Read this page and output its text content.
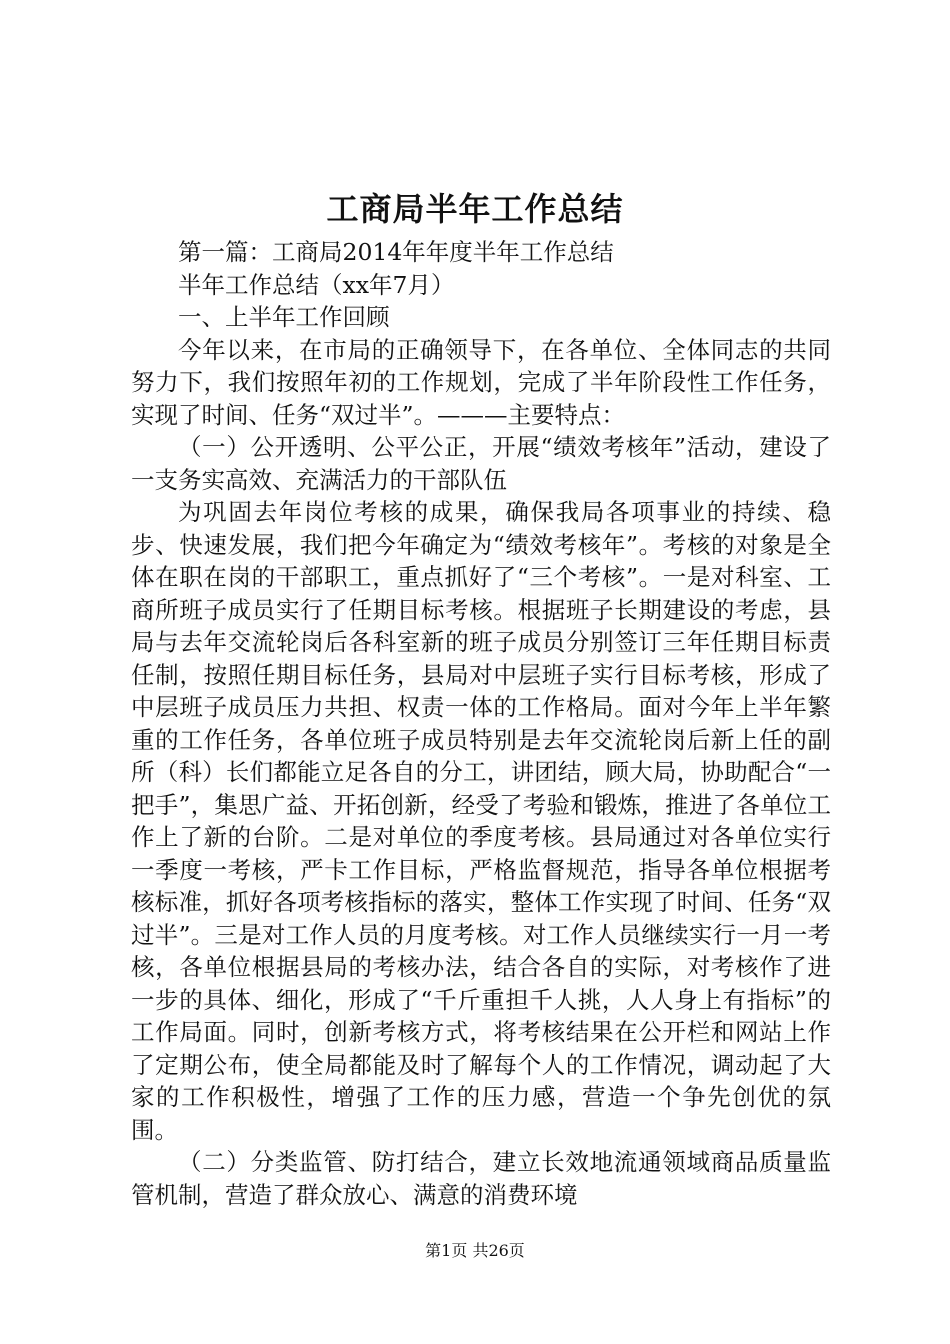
工商局半年工作总结

第一篇：工商局2014年年度半年工作总结

半年工作总结（xx年7月）

一、上半年工作回顾

今年以来，在市局的正确领导下，在各单位、全体同志的共同努力下，我们按照年初的工作规划，完成了半年阶段性工作任务，实现了时间、任务“双过半”。———主要特点：

（一）公开透明、公平公正，开展“绩效考核年”活动，建设了一支务实高效、充满活力的干部队伍

为巩固去年岗位考核的成果，确保我局各项事业的持续、稳步、快速发展，我们把今年确定为“绩效考核年”。考核的对象是全体在职在岗的干部职工，重点抓好了“三个考核”。一是对科室、工商所班子成员实行了任期目标考核。根据班子长期建设的考虑，县局与去年交流轮岗后各科室新的班子成员分别签订三年任期目标责任制，按照任期目标任务，县局对中层班子实行目标考核，形成了中层班子成员压力共担、权责一体的工作格局。面对今年上半年繁重的工作任务，各单位班子成员特别是去年交流轮岗后新上任的副所（科）长们都能立足各自的分工，讲团结，顾大局，协助配合“一把手”，集思广益、开拓创新，经受了考验和锻炼，推进了各单位工作上了新的台阶。二是对单位的季度考核。县局通过对各单位实行一季度一考核，严卡工作目标，严格监督规范，指导各单位根据考核标准，抓好各项考核指标的落实，整体工作实现了时间、任务“双过半”。三是对工作人员的月度考核。对工作人员继续实行一月一考核，各单位根据县局的考核办法，结合各自的实际，对考核作了进一步的具体、细化，形成了“千斤重担千人挑，人人身上有指标”的工作局面。同时，创新考核方式，将考核结果在公开栏和网站上作了定期公布，使全局都能及时了解每个人的工作情况，调动起了大家的工作积极性，增强了工作的压力感，营造一个争先创优的氛围。

（二）分类监管、防打结合，建立长效地流通领域商品质量监管机制，营造了群众放心、满意的消费环境

第1页 共26页
